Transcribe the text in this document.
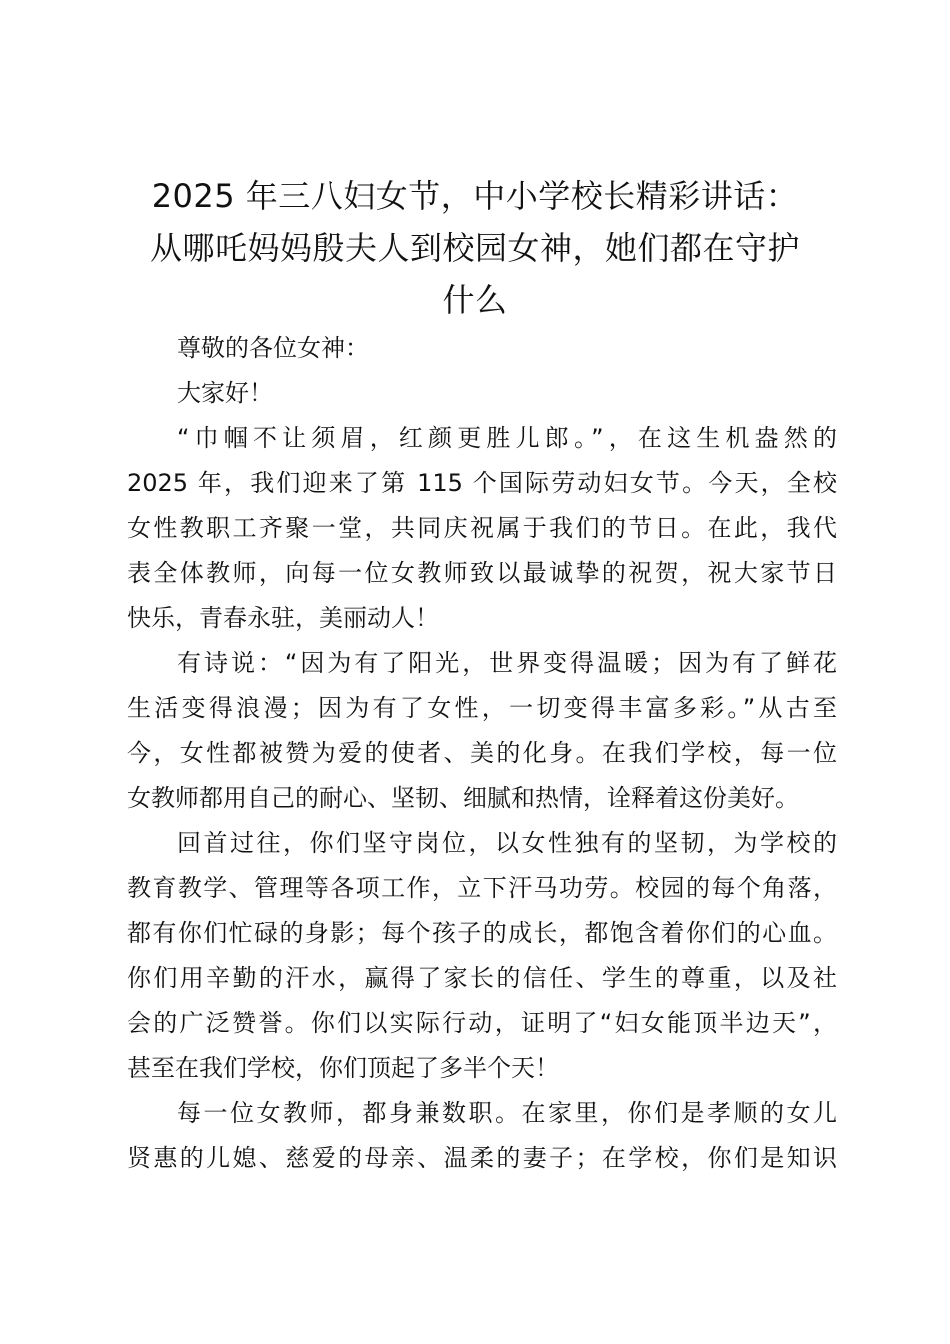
2025 年三八妇女节，中小学校长精彩讲话：
从哪吒妈妈殷夫人到校园女神，她们都在守护
什么
尊敬的各位女神：
大家好！
“巾帼不让须眉，红颜更胜儿郎。”，在这生机盎然的
2025 年，我们迎来了第 115 个国际劳动妇女节。今天，全校
女性教职工齐聚一堂，共同庆祝属于我们的节日。在此，我代
表全体教师，向每一位女教师致以最诚挚的祝贺，祝大家节日
快乐，青春永驻，美丽动人！
有诗说：“因为有了阳光，世界变得温暖；因为有了鲜花
生活变得浪漫；因为有了女性，一切变得丰富多彩。”从古至
今，女性都被赞为爱的使者、美的化身。在我们学校，每一位
女教师都用自己的耐心、坚韧、细腻和热情，诠释着这份美好。
回首过往，你们坚守岗位，以女性独有的坚韧，为学校的
教育教学、管理等各项工作，立下汗马功劳。校园的每个角落，
都有你们忙碌的身影；每个孩子的成长，都饱含着你们的心血。
你们用辛勤的汗水，赢得了家长的信任、学生的尊重，以及社
会的广泛赞誉。你们以实际行动，证明了“妇女能顶半边天”，
甚至在我们学校，你们顶起了多半个天！
每一位女教师，都身兼数职。在家里，你们是孝顺的女儿
贤惠的儿媳、慈爱的母亲、温柔的妻子；在学校，你们是知识
